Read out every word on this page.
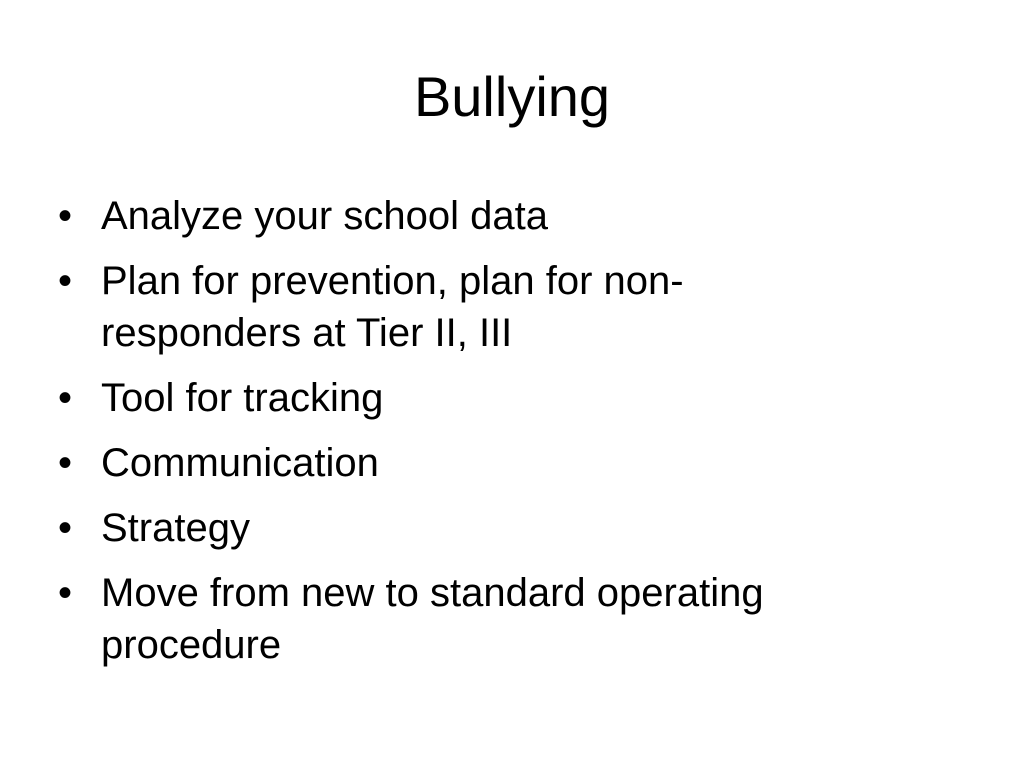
Bullying
• Analyze your school data
• Plan for prevention, plan for non-
responders at Tier II, III
• Tool for tracking
• Communication
• Strategy
• Move from new to standard operating
procedure
